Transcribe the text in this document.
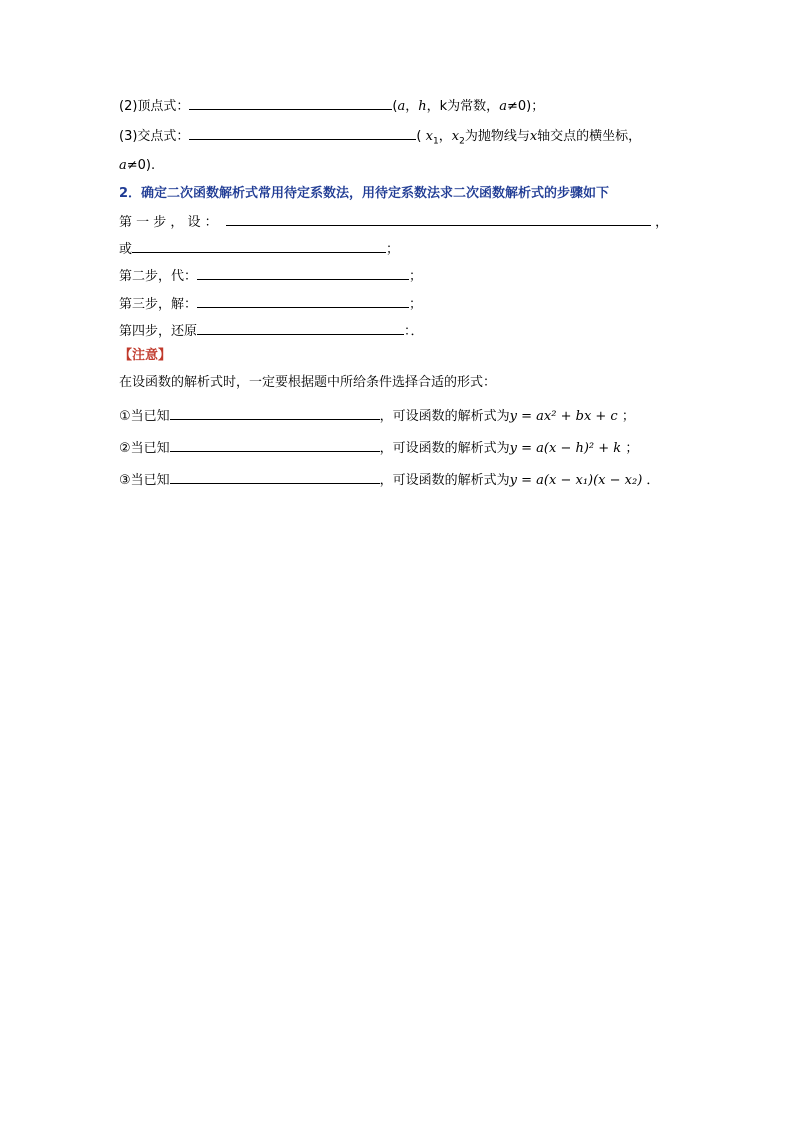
(2)顶点式：	(a，h，k为常数，a≠0)；
(3)交点式：	( $x_1$，$x_2$为抛物线与x轴交点的横坐标，
a≠0).
2．确定二次函数解析式常用待定系数法，用待定系数法求二次函数解析式的步骤如下
第 一 步 ， 设 ：	，
或	；
第二步，代：	；
第三步，解：	；
第四步，还原	：．
【注意】
在设函数的解析式时，一定要根据题中所给条件选择合适的形式：
①当已知	，可设函数的解析式为y = ax² + bx + c ；
②当已知	，可设函数的解析式为y = a(x − h)² + k ；
③当已知	，可设函数的解析式为y = a(x − x₁)(x − x₂) ．
